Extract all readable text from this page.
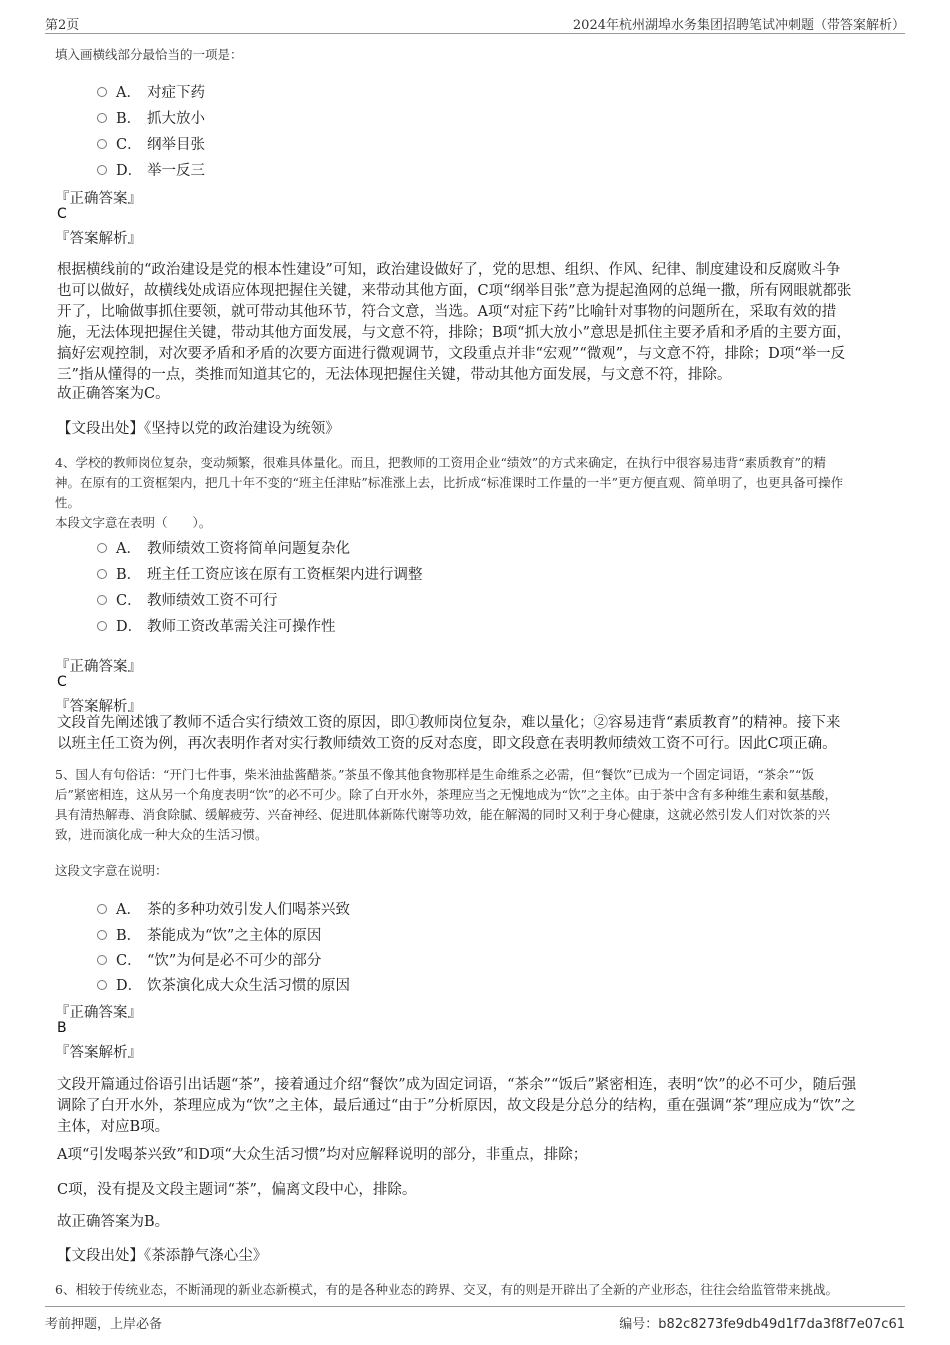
第2页	2024年杭州湖埠水务集团招聘笔试冲刺题（带答案解析）
填入画横线部分最恰当的一项是：
A． 对症下药
B． 抓大放小
C． 纲举目张
D． 举一反三
『正确答案』
C
『答案解析』
根据横线前的“政治建设是党的根本性建设”可知，政治建设做好了，党的思想、组织、作风、纪律、制度建设和反腐败斗争
也可以做好，故横线处成语应体现把握住关键，来带动其他方面，C项“纲举目张”意为提起渔网的总绳一撒，所有网眼就都张
开了，比喻做事抓住要领，就可带动其他环节，符合文意，当选。A项“对症下药”比喻针对事物的问题所在，采取有效的措
施，无法体现把握住关键，带动其他方面发展，与文意不符，排除；B项“抓大放小”意思是抓住主要矛盾和矛盾的主要方面，
搞好宏观控制，对次要矛盾和矛盾的次要方面进行微观调节，文段重点并非“宏观”“微观”，与文意不符，排除；D项“举一反
三”指从懂得的一点，类推而知道其它的，无法体现把握住关键，带动其他方面发展，与文意不符，排除。
故正确答案为C。
【文段出处】《坚持以党的政治建设为统领》
4、学校的教师岗位复杂，变动频繁，很难具体量化。而且，把教师的工资用企业“绩效”的方式来确定，在执行中很容易违背“素质教育”的精
神。在原有的工资框架内，把几十年不变的“班主任津贴”标准涨上去，比折成“标准课时工作量的一半”更方便直观、简单明了，也更具备可操作
性。
本段文字意在表明（　　）。
A． 教师绩效工资将简单问题复杂化
B． 班主任工资应该在原有工资框架内进行调整
C． 教师绩效工资不可行
D． 教师工资改革需关注可操作性
『正确答案』
C
『答案解析』
文段首先阐述饿了教师不适合实行绩效工资的原因，即①教师岗位复杂，难以量化；②容易违背“素质教育”的精神。接下来
以班主任工资为例，再次表明作者对实行教师绩效工资的反对态度，即文段意在表明教师绩效工资不可行。因此C项正确。
5、国人有句俗话：“开门七件事，柴米油盐酱醋茶。”茶虽不像其他食物那样是生命维系之必需，但“餐饮”已成为一个固定词语，“茶余”“饭
后”紧密相连，这从另一个角度表明“饮”的必不可少。除了白开水外，茶理应当之无愧地成为“饮”之主体。由于茶中含有多种维生素和氨基酸，
具有清热解毒、消食除腻、缓解疲劳、兴奋神经、促进肌体新陈代谢等功效，能在解渴的同时又利于身心健康，这就必然引发人们对饮茶的兴
致，进而演化成一种大众的生活习惯。
这段文字意在说明：
A． 茶的多种功效引发人们喝茶兴致
B． 茶能成为“饮”之主体的原因
C． “饮”为何是必不可少的部分
D． 饮茶演化成大众生活习惯的原因
『正确答案』
B
『答案解析』
文段开篇通过俗语引出话题“茶”，接着通过介绍“餐饮”成为固定词语，“茶余”“饭后”紧密相连，表明“饮”的必不可少，随后强
调除了白开水外，茶理应成为“饮”之主体，最后通过“由于”分析原因，故文段是分总分的结构，重在强调“茶”理应成为“饮”之
主体，对应B项。
A项“引发喝茶兴致”和D项“大众生活习惯”均对应解释说明的部分，非重点，排除；
C项，没有提及文段主题词“茶”，偏离文段中心，排除。
故正确答案为B。
【文段出处】《茶添静气涤心尘》
6、相较于传统业态，不断涌现的新业态新模式，有的是各种业态的跨界、交叉，有的则是开辟出了全新的产业形态，往往会给监管带来挑战。
考前押题，上岸必备	编号：b82c8273fe9db49d1f7da3f8f7e07c61
